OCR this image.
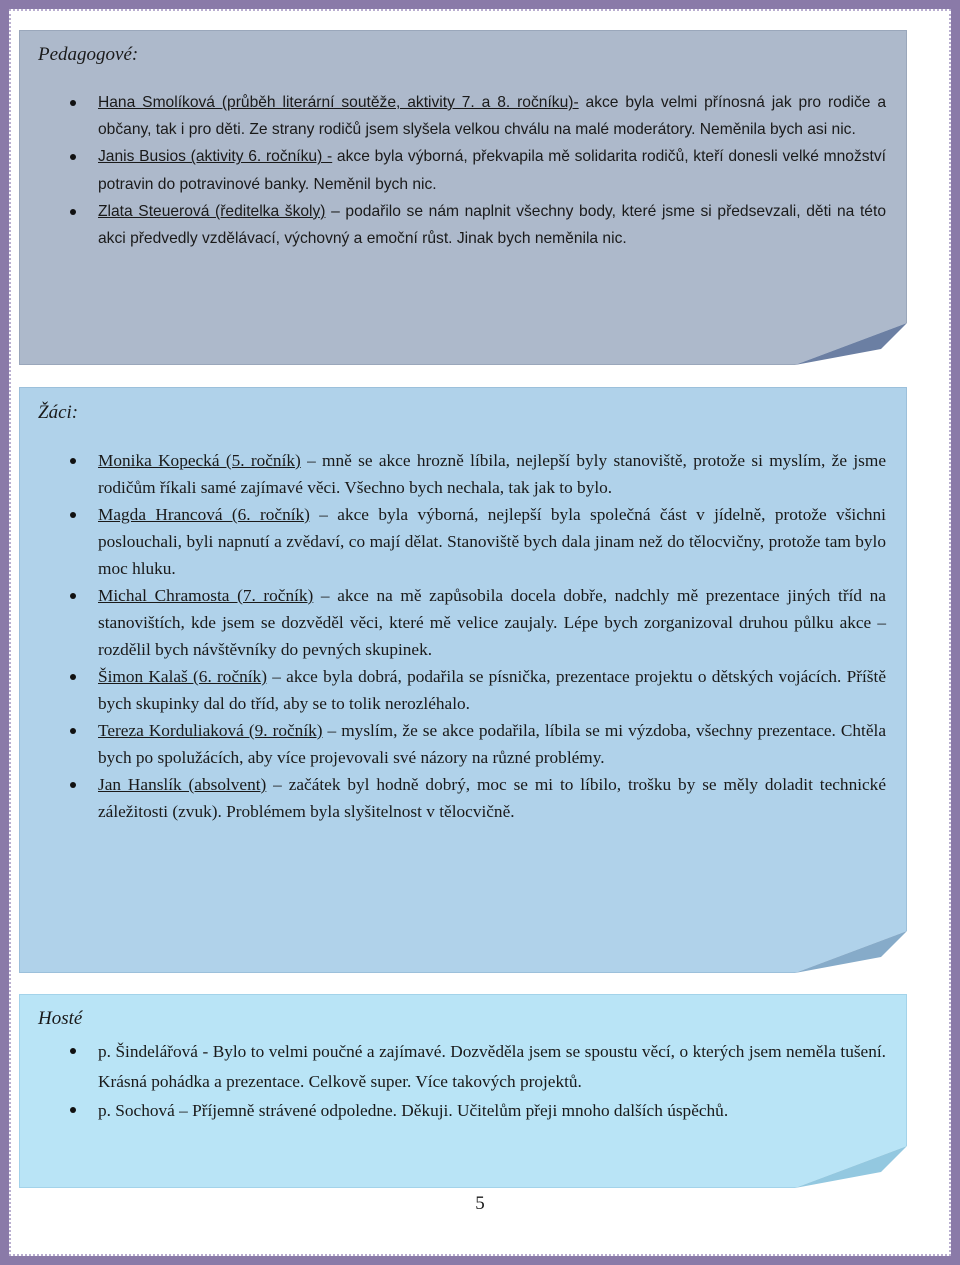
Pedagogové:

Hana Smolíková (průběh literární soutěže, aktivity 7. a 8. ročníku)- akce byla velmi přínosná jak pro rodiče a občany, tak i pro děti. Ze strany rodičů jsem slyšela velkou chválu na malé moderátory. Neměnila bych asi nic.
Janis Busios (aktivity 6. ročníku) - akce byla výborná, překvapila mě solidarita rodičů, kteří donesli velké množství potravin do potravinové banky. Neměnil bych nic.
Zlata Steuerová (ředitelka školy) – podařilo se nám naplnit všechny body, které jsme si předsevzali, děti na této akci předvedly vzdělávací, výchovný a emoční růst. Jinak bych neměnila nic.

Žáci:

Monika Kopecká (5. ročník) – mně se akce hrozně líbila, nejlepší byly stanoviště, protože si myslím, že jsme rodičům říkali samé zajímavé věci. Všechno bych nechala, tak jak to bylo.
Magda Hrancová (6. ročník) – akce byla výborná, nejlepší byla společná část v jídelně, protože všichni poslouchali, byli napnutí a zvědaví, co mají dělat. Stanoviště bych dala jinam než do tělocvičny, protože tam bylo moc hluku.
Michal Chramosta (7. ročník) – akce na mě zapůsobila docela dobře, nadchly mě prezentace jiných tříd na stanovištích, kde jsem se dozvěděl věci, které mě velice zaujaly. Lépe bych zorganizoval druhou půlku akce – rozdělil bych návštěvníky do pevných skupinek.
Šimon Kalaš (6. ročník) – akce byla dobrá, podařila se písnička, prezentace projektu o dětských vojácích. Příště bych skupinky dal do tříd, aby se to tolik nerozléhalo.
Tereza Korduliaková (9. ročník) – myslím, že se akce podařila, líbila se mi výzdoba, všechny prezentace. Chtěla bych po spolužácích, aby více projevovali své názory na různé problémy.
Jan Hanslík (absolvent) – začátek byl hodně dobrý, moc se mi to líbilo, trošku by se měly doladit technické záležitosti (zvuk). Problémem byla slyšitelnost v tělocvičně.

Hosté

p. Šindelářová - Bylo to velmi poučné a zajímavé. Dozvěděla jsem se spoustu věcí, o kterých jsem neměla tušení. Krásná pohádka a prezentace. Celkově super. Více takových projektů.
p. Sochová – Příjemně strávené odpoledne. Děkuji. Učitelům přeji mnoho dalších úspěchů.
5
